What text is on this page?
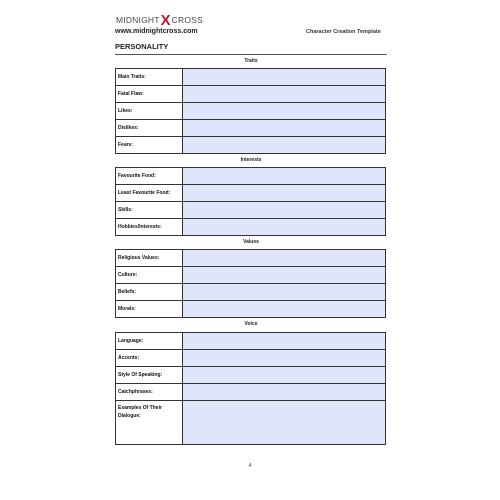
MIDNIGHT X CROSS
www.midnightcross.com	Character Creation Template
PERSONALITY
Traits
Main Traits:	
Fatal Flaw:	
Likes:	
Dislikes:	
Fears:	
Interests
Favourite Food:	
Least Favourite Food:	
Skills:	
Hobbies/Interests:	
Values
Religious Values:	
Culture:	
Beliefs:	
Morals:	
Voice
Language:	
Accents:	
Style Of Speaking:	
Catchphrases:	
Examples Of Their Dialogue:	
4
